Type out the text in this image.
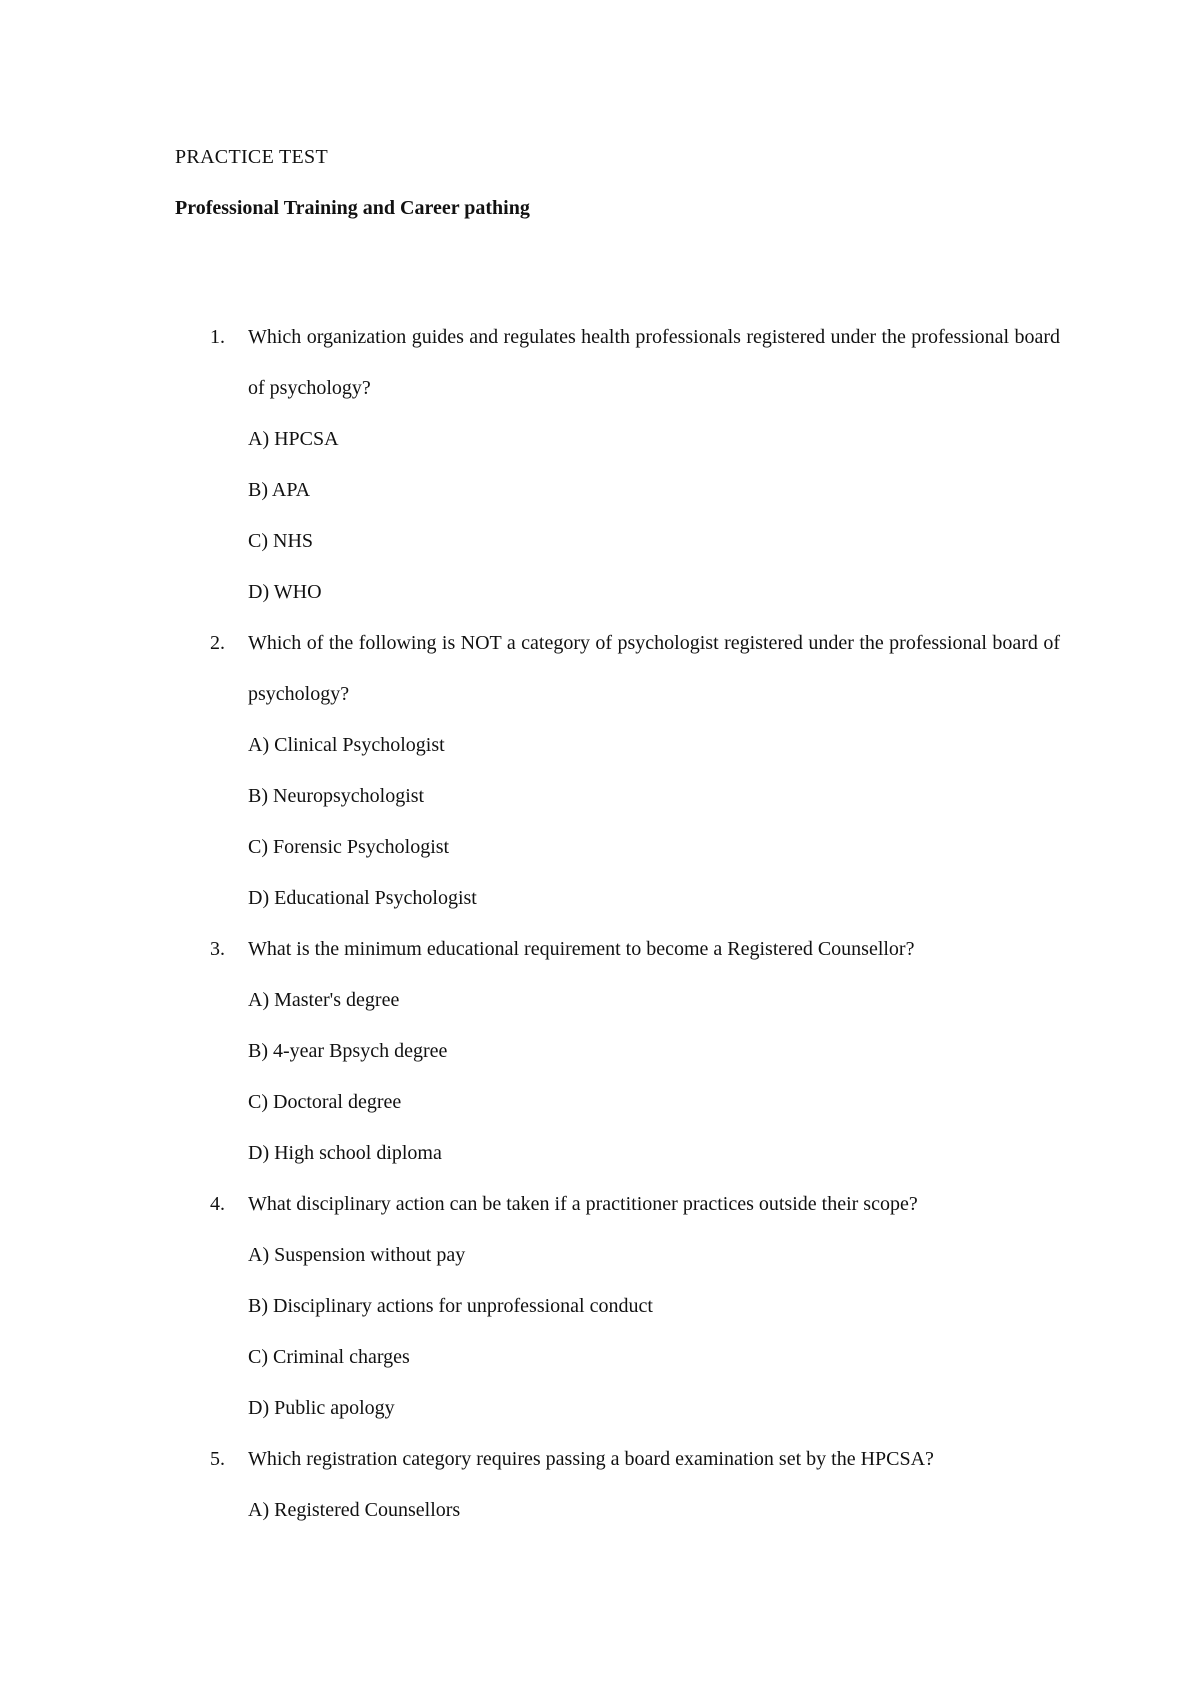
PRACTICE TEST
Professional Training and Career pathing
1. Which organization guides and regulates health professionals registered under the professional board of psychology?
A) HPCSA
B) APA
C) NHS
D) WHO
2. Which of the following is NOT a category of psychologist registered under the professional board of psychology?
A) Clinical Psychologist
B) Neuropsychologist
C) Forensic Psychologist
D) Educational Psychologist
3. What is the minimum educational requirement to become a Registered Counsellor?
A) Master's degree
B) 4-year Bpsych degree
C) Doctoral degree
D) High school diploma
4. What disciplinary action can be taken if a practitioner practices outside their scope?
A) Suspension without pay
B) Disciplinary actions for unprofessional conduct
C) Criminal charges
D) Public apology
5. Which registration category requires passing a board examination set by the HPCSA?
A) Registered Counsellors
